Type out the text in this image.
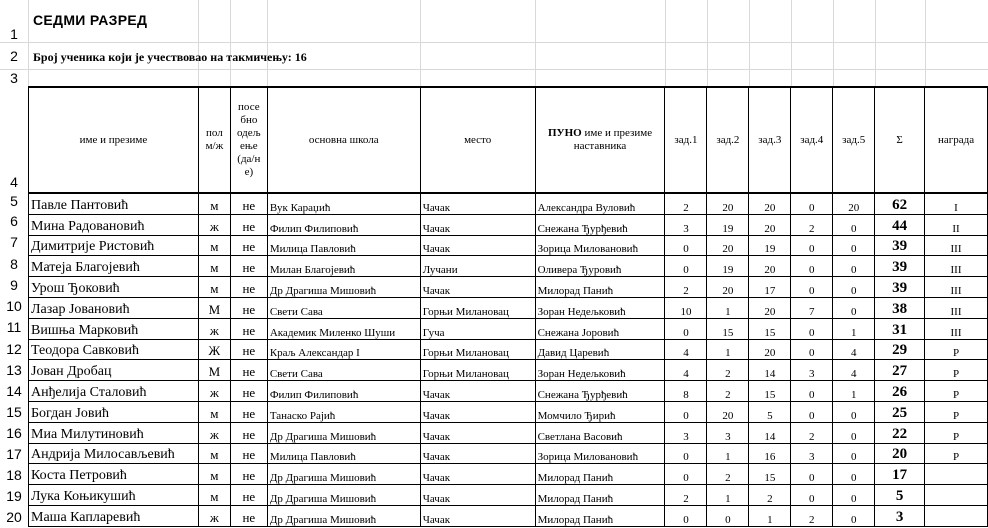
СЕДМИ РАЗРЕД
Број ученика који је учествовао на такмичењу: 16
1
2
3
4
5
6
7
8
9
10
11
12
13
14
15
16
17
18
19
20
име и презиме	пол м/ж	посе бно одељ ење (да/н е)	основна школа	место	ПУНО име и презиме наставника	зад.1	зад.2	зад.3	зад.4	зад.5	Σ	награда
Павле Пантовић	м	не	Вук Караџић	Чачак	Александра Вуловић	2	20	20	0	20	62	I
Мина Радовановић	ж	не	Филип Филиповић	Чачак	Снежана Ђурђевић	3	19	20	2	0	44	II
Димитрије Ристовић	м	не	Милица Павловић	Чачак	Зорица Миловановић	0	20	19	0	0	39	III
Матеја Благојевић	м	не	Милан Благојевић	Лучани	Оливера Ђуровић	0	19	20	0	0	39	III
Урош Ђоковић	м	не	Др Драгиша Мишовић	Чачак	Милорад Панић	2	20	17	0	0	39	III
Лазар Јовановић	М	не	Свети Сава	Горњи Милановац	Зоран Недељковић	10	1	20	7	0	38	III
Вишња Марковић	ж	не	Академик Миленко Шуши	Гуча	Снежана Јоровић	0	15	15	0	1	31	III
Теодора Савковић	Ж	не	Краљ Александар I	Горњи Милановац	Давид Царевић	4	1	20	0	4	29	Р
Јован Дробац	М	не	Свети Сава	Горњи Милановац	Зоран Недељковић	4	2	14	3	4	27	Р
Анђелија Сталовић	ж	не	Филип Филиповић	Чачак	Снежана Ђурђевић	8	2	15	0	1	26	Р
Богдан Јовић	м	не	Танаско Рајић	Чачак	Момчило Ђирић	0	20	5	0	0	25	Р
Миа Милутиновић	ж	не	Др Драгиша Мишовић	Чачак	Светлана Васовић	3	3	14	2	0	22	Р
Андрија Милосављевић	м	не	Милица Павловић	Чачак	Зорица Миловановић	0	1	16	3	0	20	Р
Коста Петровић	м	не	Др Драгиша Мишовић	Чачак	Милорад Панић	0	2	15	0	0	17	
Лука Коњикушић	м	не	Др Драгиша Мишовић	Чачак	Милорад Панић	2	1	2	0	0	5	
Маша Капларевић	ж	не	Др Драгиша Мишовић	Чачак	Милорад Панић	0	0	1	2	0	3	
